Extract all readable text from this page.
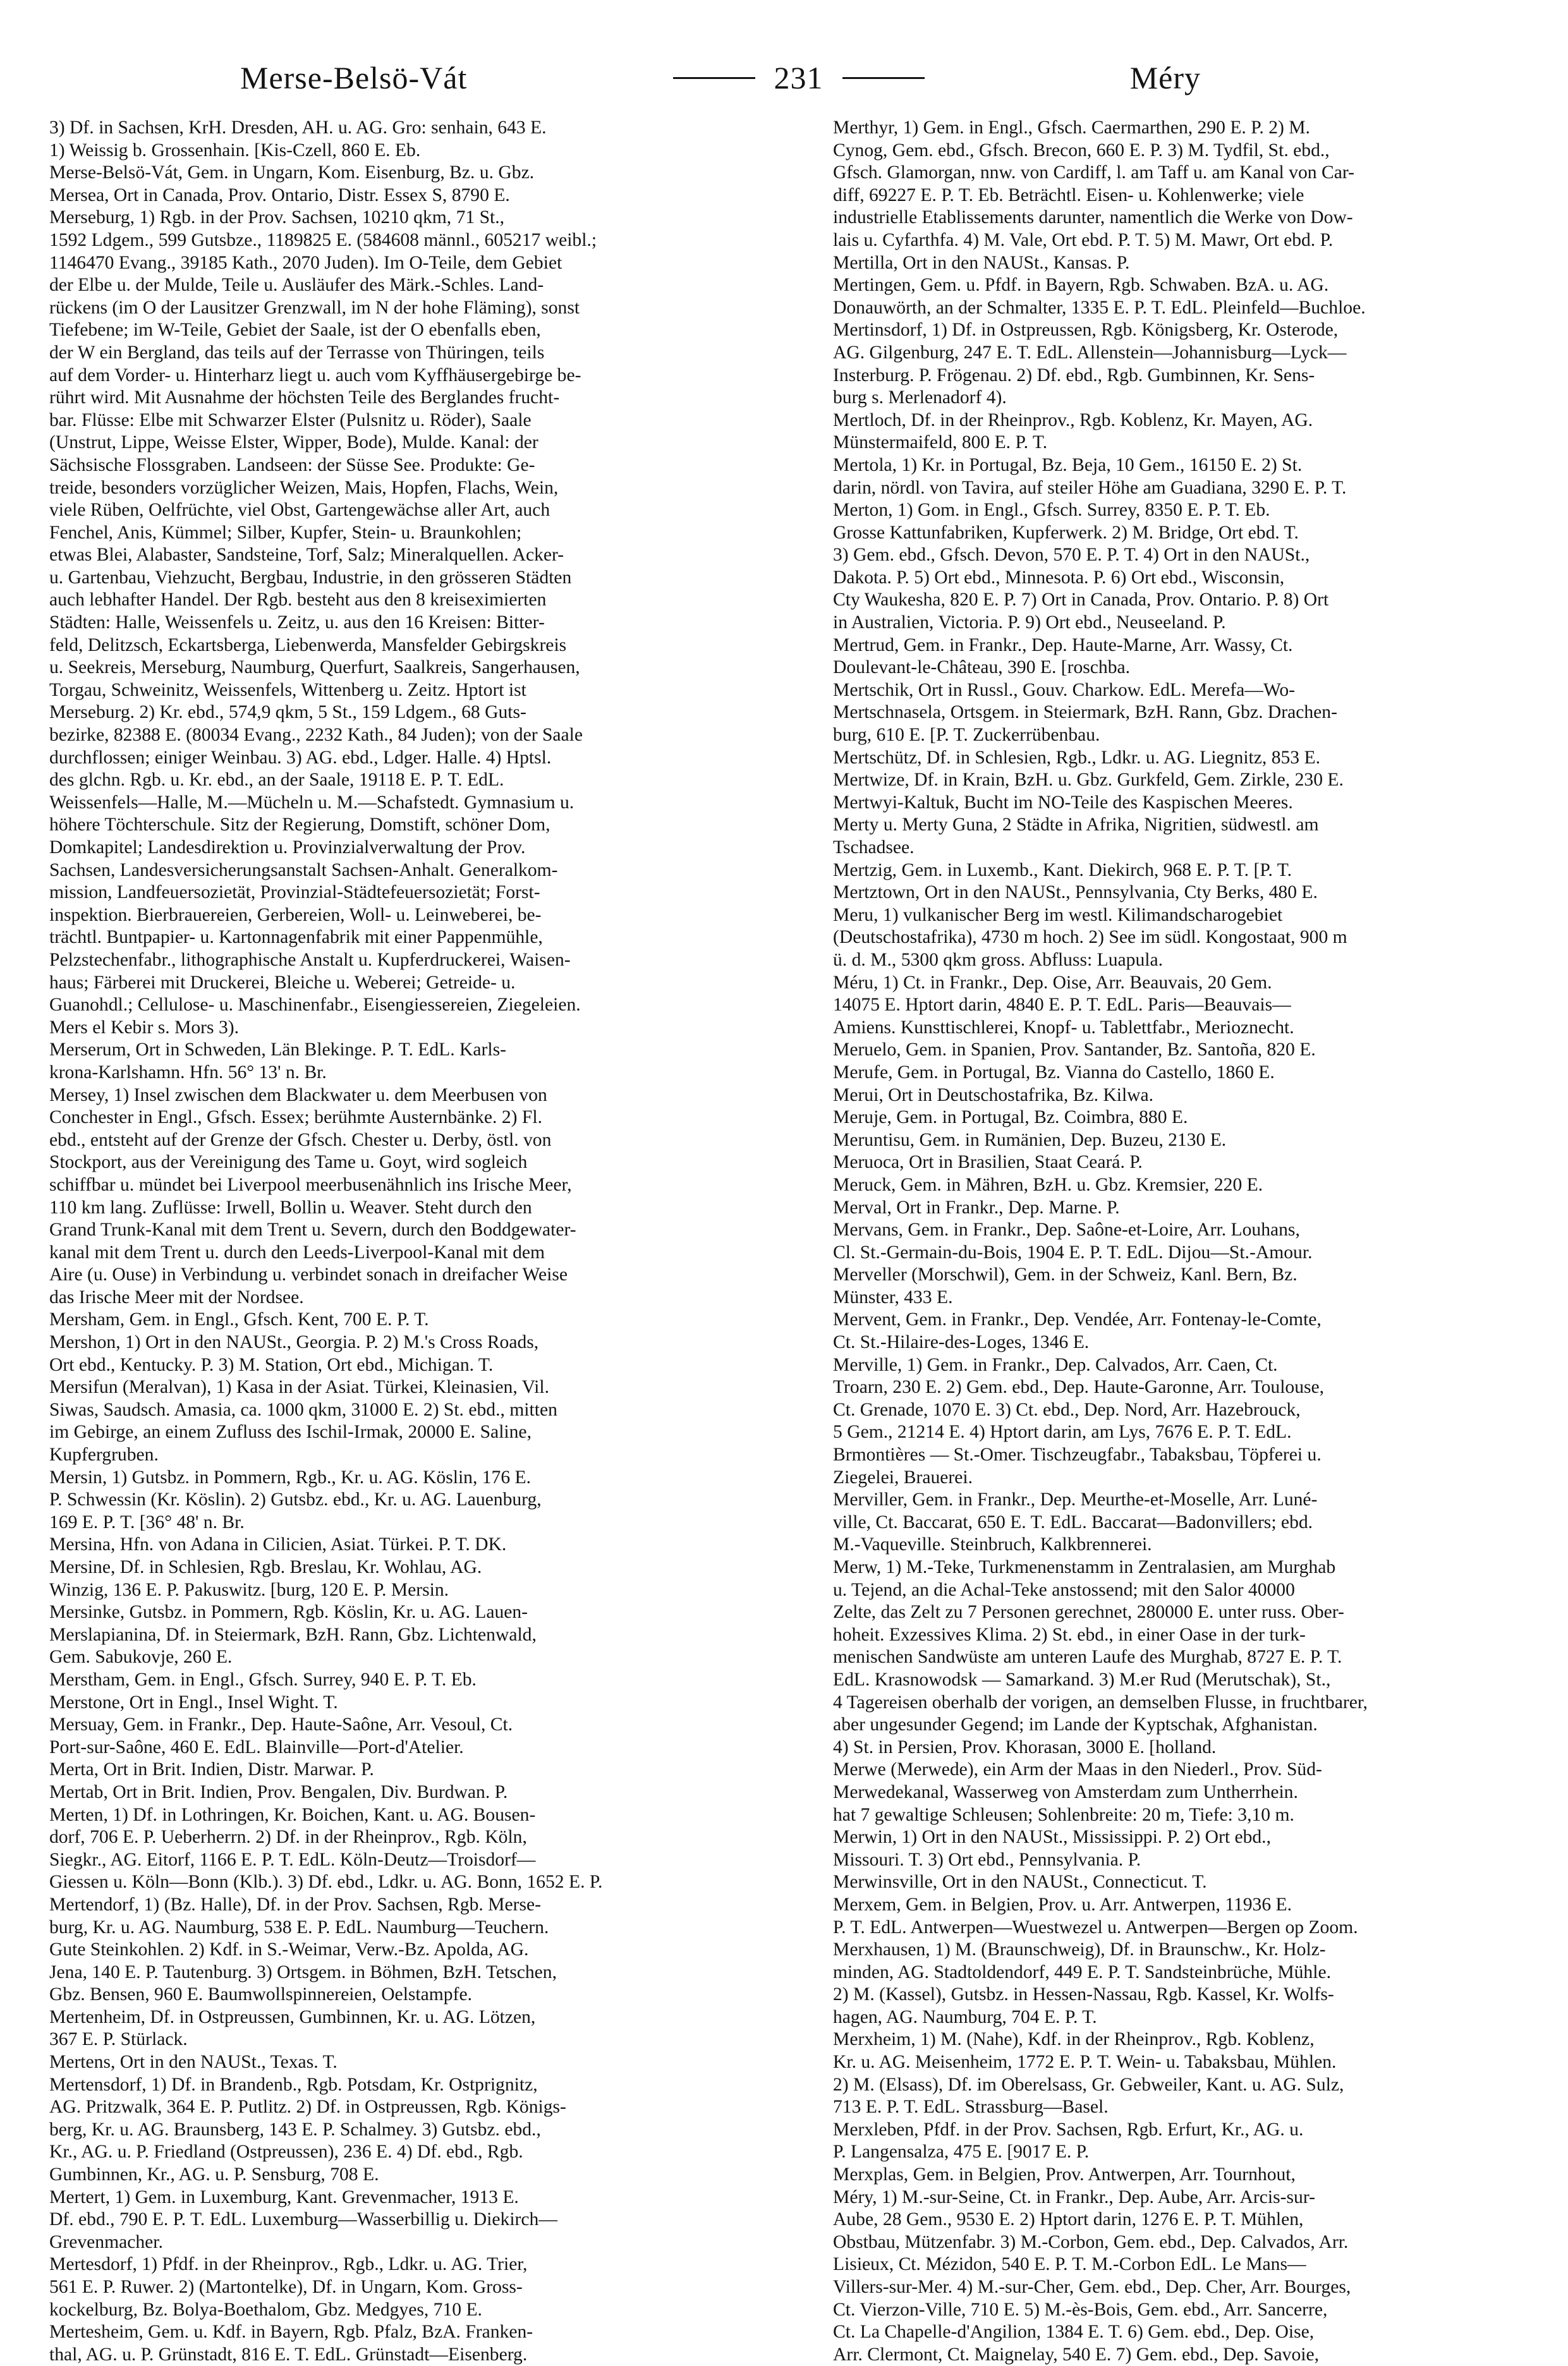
Merse-Belsö-Vát	231	Méry
3) Df. in Sachsen, KrH. Dresden, AH. u. AG. Gro: senhain, 643 E.
1) Weissig b. Grossenhain. [Kis-Czell, 860 E. Eb.
Merse-Belsö-Vát, Gem. in Ungarn, Kom. Eisenburg, Bz. u. Gbz.
Mersea, Ort in Canada, Prov. Ontario, Distr. Essex S, 8790 E.
Merseburg, 1) Rgb. in der Prov. Sachsen, 10210 qkm, 71 St.,
1592 Ldgem., 599 Gutsbze., 1189825 E. (584608 männl., 605217 weibl.;
1146470 Evang., 39185 Kath., 2070 Juden). Im O-Teile, dem Gebiet
der Elbe u. der Mulde, Teile u. Ausläufer des Märk.-Schles. Land-
rückens (im O der Lausitzer Grenzwall, im N der hohe Fläming), sonst
Tiefebene; im W-Teile, Gebiet der Saale, ist der O ebenfalls eben,
der W ein Bergland, das teils auf der Terrasse von Thüringen, teils
auf dem Vorder- u. Hinterharz liegt u. auch vom Kyffhäusergebirge be-
rührt wird. Mit Ausnahme der höchsten Teile des Berglandes frucht-
bar. Flüsse: Elbe mit Schwarzer Elster (Pulsnitz u. Röder), Saale
(Unstrut, Lippe, Weisse Elster, Wipper, Bode), Mulde. Kanal: der
Sächsische Flossgraben. Landseen: der Süsse See. Produkte: Ge-
treide, besonders vorzüglicher Weizen, Mais, Hopfen, Flachs, Wein,
viele Rüben, Oelfrüchte, viel Obst, Gartengewächse aller Art, auch
Fenchel, Anis, Kümmel; Silber, Kupfer, Stein- u. Braunkohlen;
etwas Blei, Alabaster, Sandsteine, Torf, Salz; Mineralquellen. Acker-
u. Gartenbau, Viehzucht, Bergbau, Industrie, in den grösseren Städten
auch lebhafter Handel. Der Rgb. besteht aus den 8 kreiseximierten
Städten: Halle, Weissenfels u. Zeitz, u. aus den 16 Kreisen: Bitter-
feld, Delitzsch, Eckartsberga, Liebenwerda, Mansfelder Gebirgskreis
u. Seekreis, Merseburg, Naumburg, Querfurt, Saalkreis, Sangerhausen,
Torgau, Schweinitz, Weissenfels, Wittenberg u. Zeitz. Hptort ist
Merseburg. 2) Kr. ebd., 574,9 qkm, 5 St., 159 Ldgem., 68 Guts-
bezirke, 82388 E. (80034 Evang., 2232 Kath., 84 Juden); von der Saale
durchflossen; einiger Weinbau. 3) AG. ebd., Ldger. Halle. 4) Hptsl.
des glchn. Rgb. u. Kr. ebd., an der Saale, 19118 E. P. T. EdL.
Weissenfels—Halle, M.—Mücheln u. M.—Schafstedt. Gymnasium u.
höhere Töchterschule. Sitz der Regierung, Domstift, schöner Dom,
Domkapitel; Landesdirektion u. Provinzialverwaltung der Prov.
Sachsen, Landesversicherungsanstalt Sachsen-Anhalt. Generalkom-
mission, Landfeuersozietät, Provinzial-Städtefeuersozietät; Forst-
inspektion. Bierbrauereien, Gerbereien, Woll- u. Leinweberei, be-
trächtl. Buntpapier- u. Kartonnagenfabrik mit einer Pappenmühle,
Pelzstechenfabr., lithographische Anstalt u. Kupferdruckerei, Waisen-
haus; Färberei mit Druckerei, Bleiche u. Weberei; Getreide- u.
Guanohdl.; Cellulose- u. Maschinenfabr., Eisengiessereien, Ziegeleien.
Mers el Kebir s. Mors 3).
Merserum, Ort in Schweden, Län Blekinge. P. T. EdL. Karls-
krona-Karlshamn. Hfn. 56° 13' n. Br.
Mersey, 1) Insel zwischen dem Blackwater u. dem Meerbusen von
Conchester in Engl., Gfsch. Essex; berühmte Austernbänke. 2) Fl.
ebd., entsteht auf der Grenze der Gfsch. Chester u. Derby, östl. von
Stockport, aus der Vereinigung des Tame u. Goyt, wird sogleich
schiffbar u. mündet bei Liverpool meerbusenähnlich ins Irische Meer,
110 km lang. Zuflüsse: Irwell, Bollin u. Weaver. Steht durch den
Grand Trunk-Kanal mit dem Trent u. Severn, durch den Boddgewater-
kanal mit dem Trent u. durch den Leeds-Liverpool-Kanal mit dem
Aire (u. Ouse) in Verbindung u. verbindet sonach in dreifacher Weise
das Irische Meer mit der Nordsee.
Mersham, Gem. in Engl., Gfsch. Kent, 700 E. P. T.
Mershon, 1) Ort in den NAUSt., Georgia. P. 2) M.'s Cross Roads,
Ort ebd., Kentucky. P. 3) M. Station, Ort ebd., Michigan. T.
Mersifun (Meralvan), 1) Kasa in der Asiat. Türkei, Kleinasien, Vil.
Siwas, Saudsch. Amasia, ca. 1000 qkm, 31000 E. 2) St. ebd., mitten
im Gebirge, an einem Zufluss des Ischil-Irmak, 20000 E. Saline,
Kupfergruben.
Mersin, 1) Gutsbz. in Pommern, Rgb., Kr. u. AG. Köslin, 176 E.
P. Schwessin (Kr. Köslin). 2) Gutsbz. ebd., Kr. u. AG. Lauenburg,
169 E. P. T. [36° 48' n. Br.
Mersina, Hfn. von Adana in Cilicien, Asiat. Türkei. P. T. DK.
Mersine, Df. in Schlesien, Rgb. Breslau, Kr. Wohlau, AG.
Winzig, 136 E. P. Pakuswitz. [burg, 120 E. P. Mersin.
Mersinke, Gutsbz. in Pommern, Rgb. Köslin, Kr. u. AG. Lauen-
Merslapianina, Df. in Steiermark, BzH. Rann, Gbz. Lichtenwald,
Gem. Sabukovje, 260 E.
Merstham, Gem. in Engl., Gfsch. Surrey, 940 E. P. T. Eb.
Merstone, Ort in Engl., Insel Wight. T.
Mersuay, Gem. in Frankr., Dep. Haute-Saône, Arr. Vesoul, Ct.
Port-sur-Saône, 460 E. EdL. Blainville—Port-d'Atelier.
Merta, Ort in Brit. Indien, Distr. Marwar. P.
Mertab, Ort in Brit. Indien, Prov. Bengalen, Div. Burdwan. P.
Merten, 1) Df. in Lothringen, Kr. Boichen, Kant. u. AG. Bousen-
dorf, 706 E. P. Ueberherrn. 2) Df. in der Rheinprov., Rgb. Köln,
Siegkr., AG. Eitorf, 1166 E. P. T. EdL. Köln-Deutz—Troisdorf—
Giessen u. Köln—Bonn (Klb.). 3) Df. ebd., Ldkr. u. AG. Bonn, 1652 E. P.
Mertendorf, 1) (Bz. Halle), Df. in der Prov. Sachsen, Rgb. Merse-
burg, Kr. u. AG. Naumburg, 538 E. P. EdL. Naumburg—Teuchern.
Gute Steinkohlen. 2) Kdf. in S.-Weimar, Verw.-Bz. Apolda, AG.
Jena, 140 E. P. Tautenburg. 3) Ortsgem. in Böhmen, BzH. Tetschen,
Gbz. Bensen, 960 E. Baumwollspinnereien, Oelstampfe.
Mertenheim, Df. in Ostpreussen, Gumbinnen, Kr. u. AG. Lötzen,
367 E. P. Stürlack.
Mertens, Ort in den NAUSt., Texas. T.
Mertensdorf, 1) Df. in Brandenb., Rgb. Potsdam, Kr. Ostprignitz,
AG. Pritzwalk, 364 E. P. Putlitz. 2) Df. in Ostpreussen, Rgb. Königs-
berg, Kr. u. AG. Braunsberg, 143 E. P. Schalmey. 3) Gutsbz. ebd.,
Kr., AG. u. P. Friedland (Ostpreussen), 236 E. 4) Df. ebd., Rgb.
Gumbinnen, Kr., AG. u. P. Sensburg, 708 E.
Mertert, 1) Gem. in Luxemburg, Kant. Grevenmacher, 1913 E.
Df. ebd., 790 E. P. T. EdL. Luxemburg—Wasserbillig u. Diekirch—
Grevenmacher.
Mertesdorf, 1) Pfdf. in der Rheinprov., Rgb., Ldkr. u. AG. Trier,
561 E. P. Ruwer. 2) (Martontelke), Df. in Ungarn, Kom. Gross-
kockelburg, Bz. Bolya-Boethalom, Gbz. Medgyes, 710 E.
Mertesheim, Gem. u. Kdf. in Bayern, Rgb. Pfalz, BzA. Franken-
thal, AG. u. P. Grünstadt, 816 E. T. EdL. Grünstadt—Eisenberg.
Merthyr, 1) Gem. in Engl., Gfsch. Caermarthen, 290 E. P. 2) M.
Cynog, Gem. ebd., Gfsch. Brecon, 660 E. P. 3) M. Tydfil, St. ebd.,
Gfsch. Glamorgan, nnw. von Cardiff, l. am Taff u. am Kanal von Car-
diff, 69227 E. P. T. Eb. Beträchtl. Eisen- u. Kohlenwerke; viele
industrielle Etablissements darunter, namentlich die Werke von Dow-
lais u. Cyfarthfa. 4) M. Vale, Ort ebd. P. T. 5) M. Mawr, Ort ebd. P.
Mertilla, Ort in den NAUSt., Kansas. P.
Mertingen, Gem. u. Pfdf. in Bayern, Rgb. Schwaben. BzA. u. AG.
Donauwörth, an der Schmalter, 1335 E. P. T. EdL. Pleinfeld—Buchloe.
Mertinsdorf, 1) Df. in Ostpreussen, Rgb. Königsberg, Kr. Osterode,
AG. Gilgenburg, 247 E. T. EdL. Allenstein—Johannisburg—Lyck—
Insterburg. P. Frögenau. 2) Df. ebd., Rgb. Gumbinnen, Kr. Sens-
burg s. Merlenadorf 4).
Mertloch, Df. in der Rheinprov., Rgb. Koblenz, Kr. Mayen, AG.
Münstermaifeld, 800 E. P. T.
Mertola, 1) Kr. in Portugal, Bz. Beja, 10 Gem., 16150 E. 2) St.
darin, nördl. von Tavira, auf steiler Höhe am Guadiana, 3290 E. P. T.
Merton, 1) Gom. in Engl., Gfsch. Surrey, 8350 E. P. T. Eb.
Grosse Kattunfabriken, Kupferwerk. 2) M. Bridge, Ort ebd. T.
3) Gem. ebd., Gfsch. Devon, 570 E. P. T. 4) Ort in den NAUSt.,
Dakota. P. 5) Ort ebd., Minnesota. P. 6) Ort ebd., Wisconsin,
Cty Waukesha, 820 E. P. 7) Ort in Canada, Prov. Ontario. P. 8) Ort
in Australien, Victoria. P. 9) Ort ebd., Neuseeland. P.
Mertrud, Gem. in Frankr., Dep. Haute-Marne, Arr. Wassy, Ct.
Doulevant-le-Château, 390 E. [roschba.
Mertschik, Ort in Russl., Gouv. Charkow. EdL. Merefa—Wo-
Mertschnasela, Ortsgem. in Steiermark, BzH. Rann, Gbz. Drachen-
burg, 610 E. [P. T. Zuckerrübenbau.
Mertschütz, Df. in Schlesien, Rgb., Ldkr. u. AG. Liegnitz, 853 E.
Mertwize, Df. in Krain, BzH. u. Gbz. Gurkfeld, Gem. Zirkle, 230 E.
Mertwyi-Kaltuk, Bucht im NO-Teile des Kaspischen Meeres.
Merty u. Merty Guna, 2 Städte in Afrika, Nigritien, südwestl. am
Tschadsee.
Mertzig, Gem. in Luxemb., Kant. Diekirch, 968 E. P. T. [P. T.
Mertztown, Ort in den NAUSt., Pennsylvania, Cty Berks, 480 E.
Meru, 1) vulkanischer Berg im westl. Kilimandscharogebiet
(Deutschostafrika), 4730 m hoch. 2) See im südl. Kongostaat, 900 m
ü. d. M., 5300 qkm gross. Abfluss: Luapula.
Méru, 1) Ct. in Frankr., Dep. Oise, Arr. Beauvais, 20 Gem.
14075 E. Hptort darin, 4840 E. P. T. EdL. Paris—Beauvais—
Amiens. Kunsttischlerei, Knopf- u. Tablettfabr., Merioznecht.
Meruelo, Gem. in Spanien, Prov. Santander, Bz. Santoña, 820 E.
Merufe, Gem. in Portugal, Bz. Vianna do Castello, 1860 E.
Merui, Ort in Deutschostafrika, Bz. Kilwa.
Meruje, Gem. in Portugal, Bz. Coimbra, 880 E.
Meruntisu, Gem. in Rumänien, Dep. Buzeu, 2130 E.
Meruoca, Ort in Brasilien, Staat Ceará. P.
Meruck, Gem. in Mähren, BzH. u. Gbz. Kremsier, 220 E.
Merval, Ort in Frankr., Dep. Marne. P.
Mervans, Gem. in Frankr., Dep. Saône-et-Loire, Arr. Louhans,
Cl. St.-Germain-du-Bois, 1904 E. P. T. EdL. Dijou—St.-Amour.
Merveller (Morschwil), Gem. in der Schweiz, Kanl. Bern, Bz.
Münster, 433 E.
Mervent, Gem. in Frankr., Dep. Vendée, Arr. Fontenay-le-Comte,
Ct. St.-Hilaire-des-Loges, 1346 E.
Merville, 1) Gem. in Frankr., Dep. Calvados, Arr. Caen, Ct.
Troarn, 230 E. 2) Gem. ebd., Dep. Haute-Garonne, Arr. Toulouse,
Ct. Grenade, 1070 E. 3) Ct. ebd., Dep. Nord, Arr. Hazebrouck,
5 Gem., 21214 E. 4) Hptort darin, am Lys, 7676 E. P. T. EdL.
Brmontières — St.-Omer. Tischzeugfabr., Tabaksbau, Töpferei u.
Ziegelei, Brauerei.
Merviller, Gem. in Frankr., Dep. Meurthe-et-Moselle, Arr. Luné-
ville, Ct. Baccarat, 650 E. T. EdL. Baccarat—Badonvillers; ebd.
M.-Vaqueville. Steinbruch, Kalkbrennerei.
Merw, 1) M.-Teke, Turkmenenstamm in Zentralasien, am Murghab
u. Tejend, an die Achal-Teke anstossend; mit den Salor 40000
Zelte, das Zelt zu 7 Personen gerechnet, 280000 E. unter russ. Ober-
hoheit. Exzessives Klima. 2) St. ebd., in einer Oase in der turk-
menischen Sandwüste am unteren Laufe des Murghab, 8727 E. P. T.
EdL. Krasnowodsk — Samarkand. 3) M.er Rud (Merutschak), St.,
4 Tagereisen oberhalb der vorigen, an demselben Flusse, in fruchtbarer,
aber ungesunder Gegend; im Lande der Kyptschak, Afghanistan.
4) St. in Persien, Prov. Khorasan, 3000 E. [holland.
Merwe (Merwede), ein Arm der Maas in den Niederl., Prov. Süd-
Merwedekanal, Wasserweg von Amsterdam zum Untherrhein.
hat 7 gewaltige Schleusen; Sohlenbreite: 20 m, Tiefe: 3,10 m.
Merwin, 1) Ort in den NAUSt., Mississippi. P. 2) Ort ebd.,
Missouri. T. 3) Ort ebd., Pennsylvania. P.
Merwinsville, Ort in den NAUSt., Connecticut. T.
Merxem, Gem. in Belgien, Prov. u. Arr. Antwerpen, 11936 E.
P. T. EdL. Antwerpen—Wuestwezel u. Antwerpen—Bergen op Zoom.
Merxhausen, 1) M. (Braunschweig), Df. in Braunschw., Kr. Holz-
minden, AG. Stadtoldendorf, 449 E. P. T. Sandsteinbrüche, Mühle.
2) M. (Kassel), Gutsbz. in Hessen-Nassau, Rgb. Kassel, Kr. Wolfs-
hagen, AG. Naumburg, 704 E. P. T.
Merxheim, 1) M. (Nahe), Kdf. in der Rheinprov., Rgb. Koblenz,
Kr. u. AG. Meisenheim, 1772 E. P. T. Wein- u. Tabaksbau, Mühlen.
2) M. (Elsass), Df. im Oberelsass, Gr. Gebweiler, Kant. u. AG. Sulz,
713 E. P. T. EdL. Strassburg—Basel.
Merxleben, Pfdf. in der Prov. Sachsen, Rgb. Erfurt, Kr., AG. u.
P. Langensalza, 475 E. [9017 E. P.
Merxplas, Gem. in Belgien, Prov. Antwerpen, Arr. Tournhout,
Méry, 1) M.-sur-Seine, Ct. in Frankr., Dep. Aube, Arr. Arcis-sur-
Aube, 28 Gem., 9530 E. 2) Hptort darin, 1276 E. P. T. Mühlen,
Obstbau, Mützenfabr. 3) M.-Corbon, Gem. ebd., Dep. Calvados, Arr.
Lisieux, Ct. Mézidon, 540 E. P. T. M.-Corbon EdL. Le Mans—
Villers-sur-Mer. 4) M.-sur-Cher, Gem. ebd., Dep. Cher, Arr. Bourges,
Ct. Vierzon-Ville, 710 E. 5) M.-ès-Bois, Gem. ebd., Arr. Sancerre,
Ct. La Chapelle-d'Angilion, 1384 E. T. 6) Gem. ebd., Dep. Oise,
Arr. Clermont, Ct. Maignelay, 540 E. 7) Gem. ebd., Dep. Savoie,
